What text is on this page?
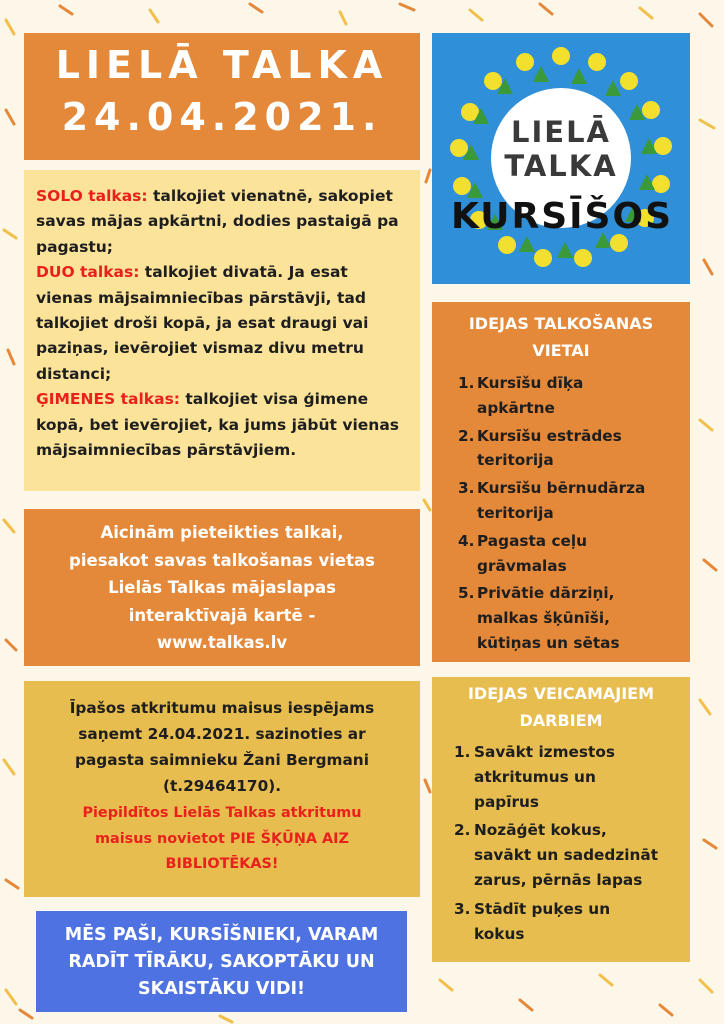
LIELĀ TALKA
24.04.2021.	LIELĀ
TALKA
KURSĪŠOS

SOLO talkas: talkojiet vienatnē, sakopiet savas mājas apkārtni, dodies pastaigā pa pagastu;
DUO talkas: talkojiet divatā. Ja esat vienas mājsaimniecības pārstāvji, tad talkojiet droši kopā, ja esat draugi vai paziņas, ievērojiet vismaz divu metru distanci;
ĢIMENES talkas: talkojiet visa ģimene kopā, bet ievērojiet, ka jums jābūt vienas mājsaimniecības pārstāvjiem.

Aicinām pieteikties talkai,
piesakot savas talkošanas vietas
Lielās Talkas mājaslapas
interaktīvajā kartē -
www.talkas.lv
Īpašos atkritumu maisus iespējams
saņemt 24.04.2021. sazinoties ar
pagasta saimnieku Žani Bergmani
(t.29464170).
Piepildītos Lielās Talkas atkritumu
maisus novietot PIE ŠĶŪŅA AIZ
BIBLIOTĒKAS!
MĒS PAŠI, KURSĪŠNIEKI, VARAM
RADĪT TĪRĀKU, SAKOPTĀKU UN
SKAISTĀKU VIDI!
IDEJAS TALKOŠANAS
VIETAI
1. Kursīšu dīķa
apkārtne
2. Kursīšu estrādes
teritorija
3. Kursīšu bērnudārza
teritorija
4. Pagasta ceļu
grāvmalas
5. Privātie dārziņi,
malkas šķūnīši,
kūtiņas un sētas
IDEJAS VEICAMAJIEM
DARBIEM
1. Savākt izmestos
atkritumus un
papīrus
2. Nozāģēt kokus,
savākt un sadedzināt
zarus, pērnās lapas
3. Stādīt puķes un
kokus
